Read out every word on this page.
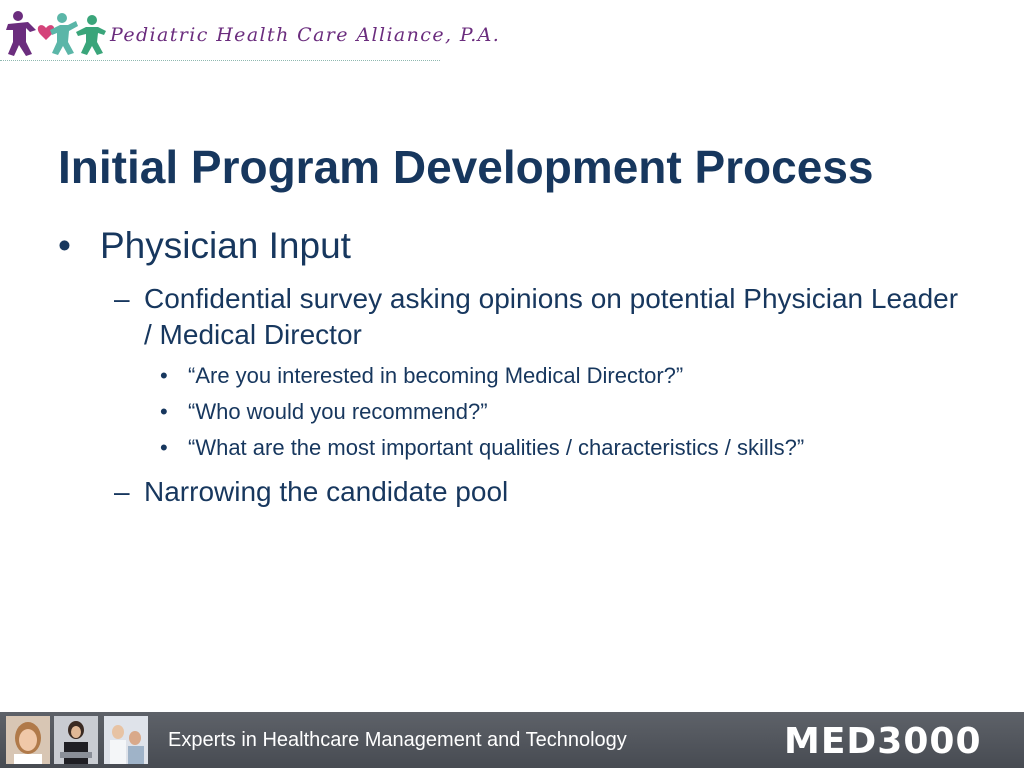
Pediatric Health Care Alliance, P.A.
Initial Program Development Process
• Physician Input
– Confidential survey asking opinions on potential Physician Leader / Medical Director
• “Are you interested in becoming Medical Director?”
• “Who would you recommend?”
• “What are the most important qualities / characteristics / skills?”
– Narrowing the candidate pool
Experts in Healthcare Management and Technology	MED3000
